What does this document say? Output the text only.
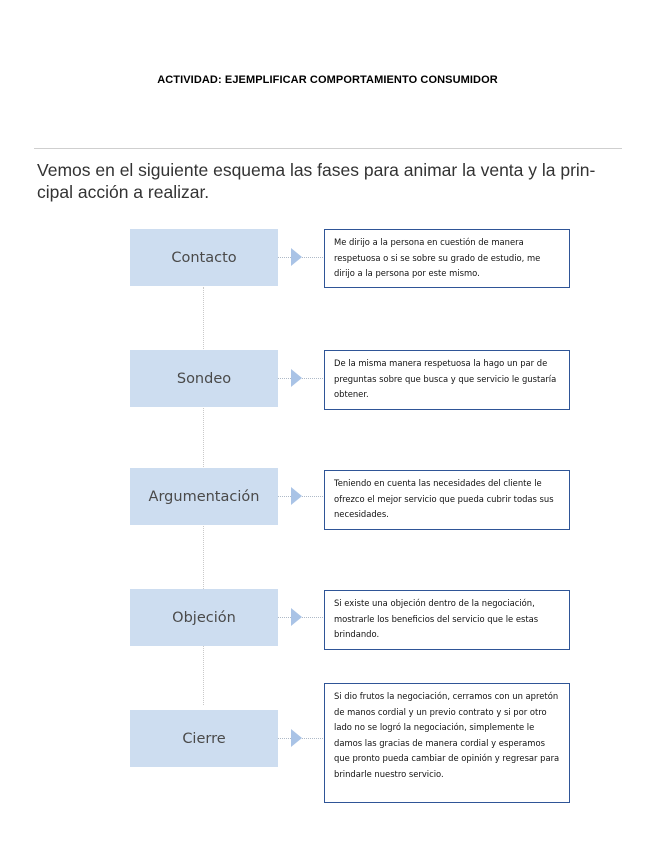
ACTIVIDAD: EJEMPLIFICAR COMPORTAMIENTO CONSUMIDOR
Vemos en el siguiente esquema las fases para animar la venta y la prin- cipal acción a realizar.
Contacto
Me dirijo a la persona en cuestión de manera respetuosa o si se sobre su grado de estudio, me dirijo a la persona por este mismo.
Sondeo
De la misma manera respetuosa la hago un par de preguntas sobre que busca y que servicio le gustaría obtener.
Argumentación
Teniendo en cuenta las necesidades del cliente le ofrezco el mejor servicio que pueda cubrir todas sus necesidades.
Objeción
Si existe una objeción dentro de la negociación, mostrarle los beneficios del servicio que le estas brindando.
Cierre
Si dio frutos la negociación, cerramos con un apretón de manos cordial y un previo contrato y si por otro lado no se logró la negociación, simplemente le damos las gracias de manera cordial y esperamos que pronto pueda cambiar de opinión y regresar para brindarle nuestro servicio.
